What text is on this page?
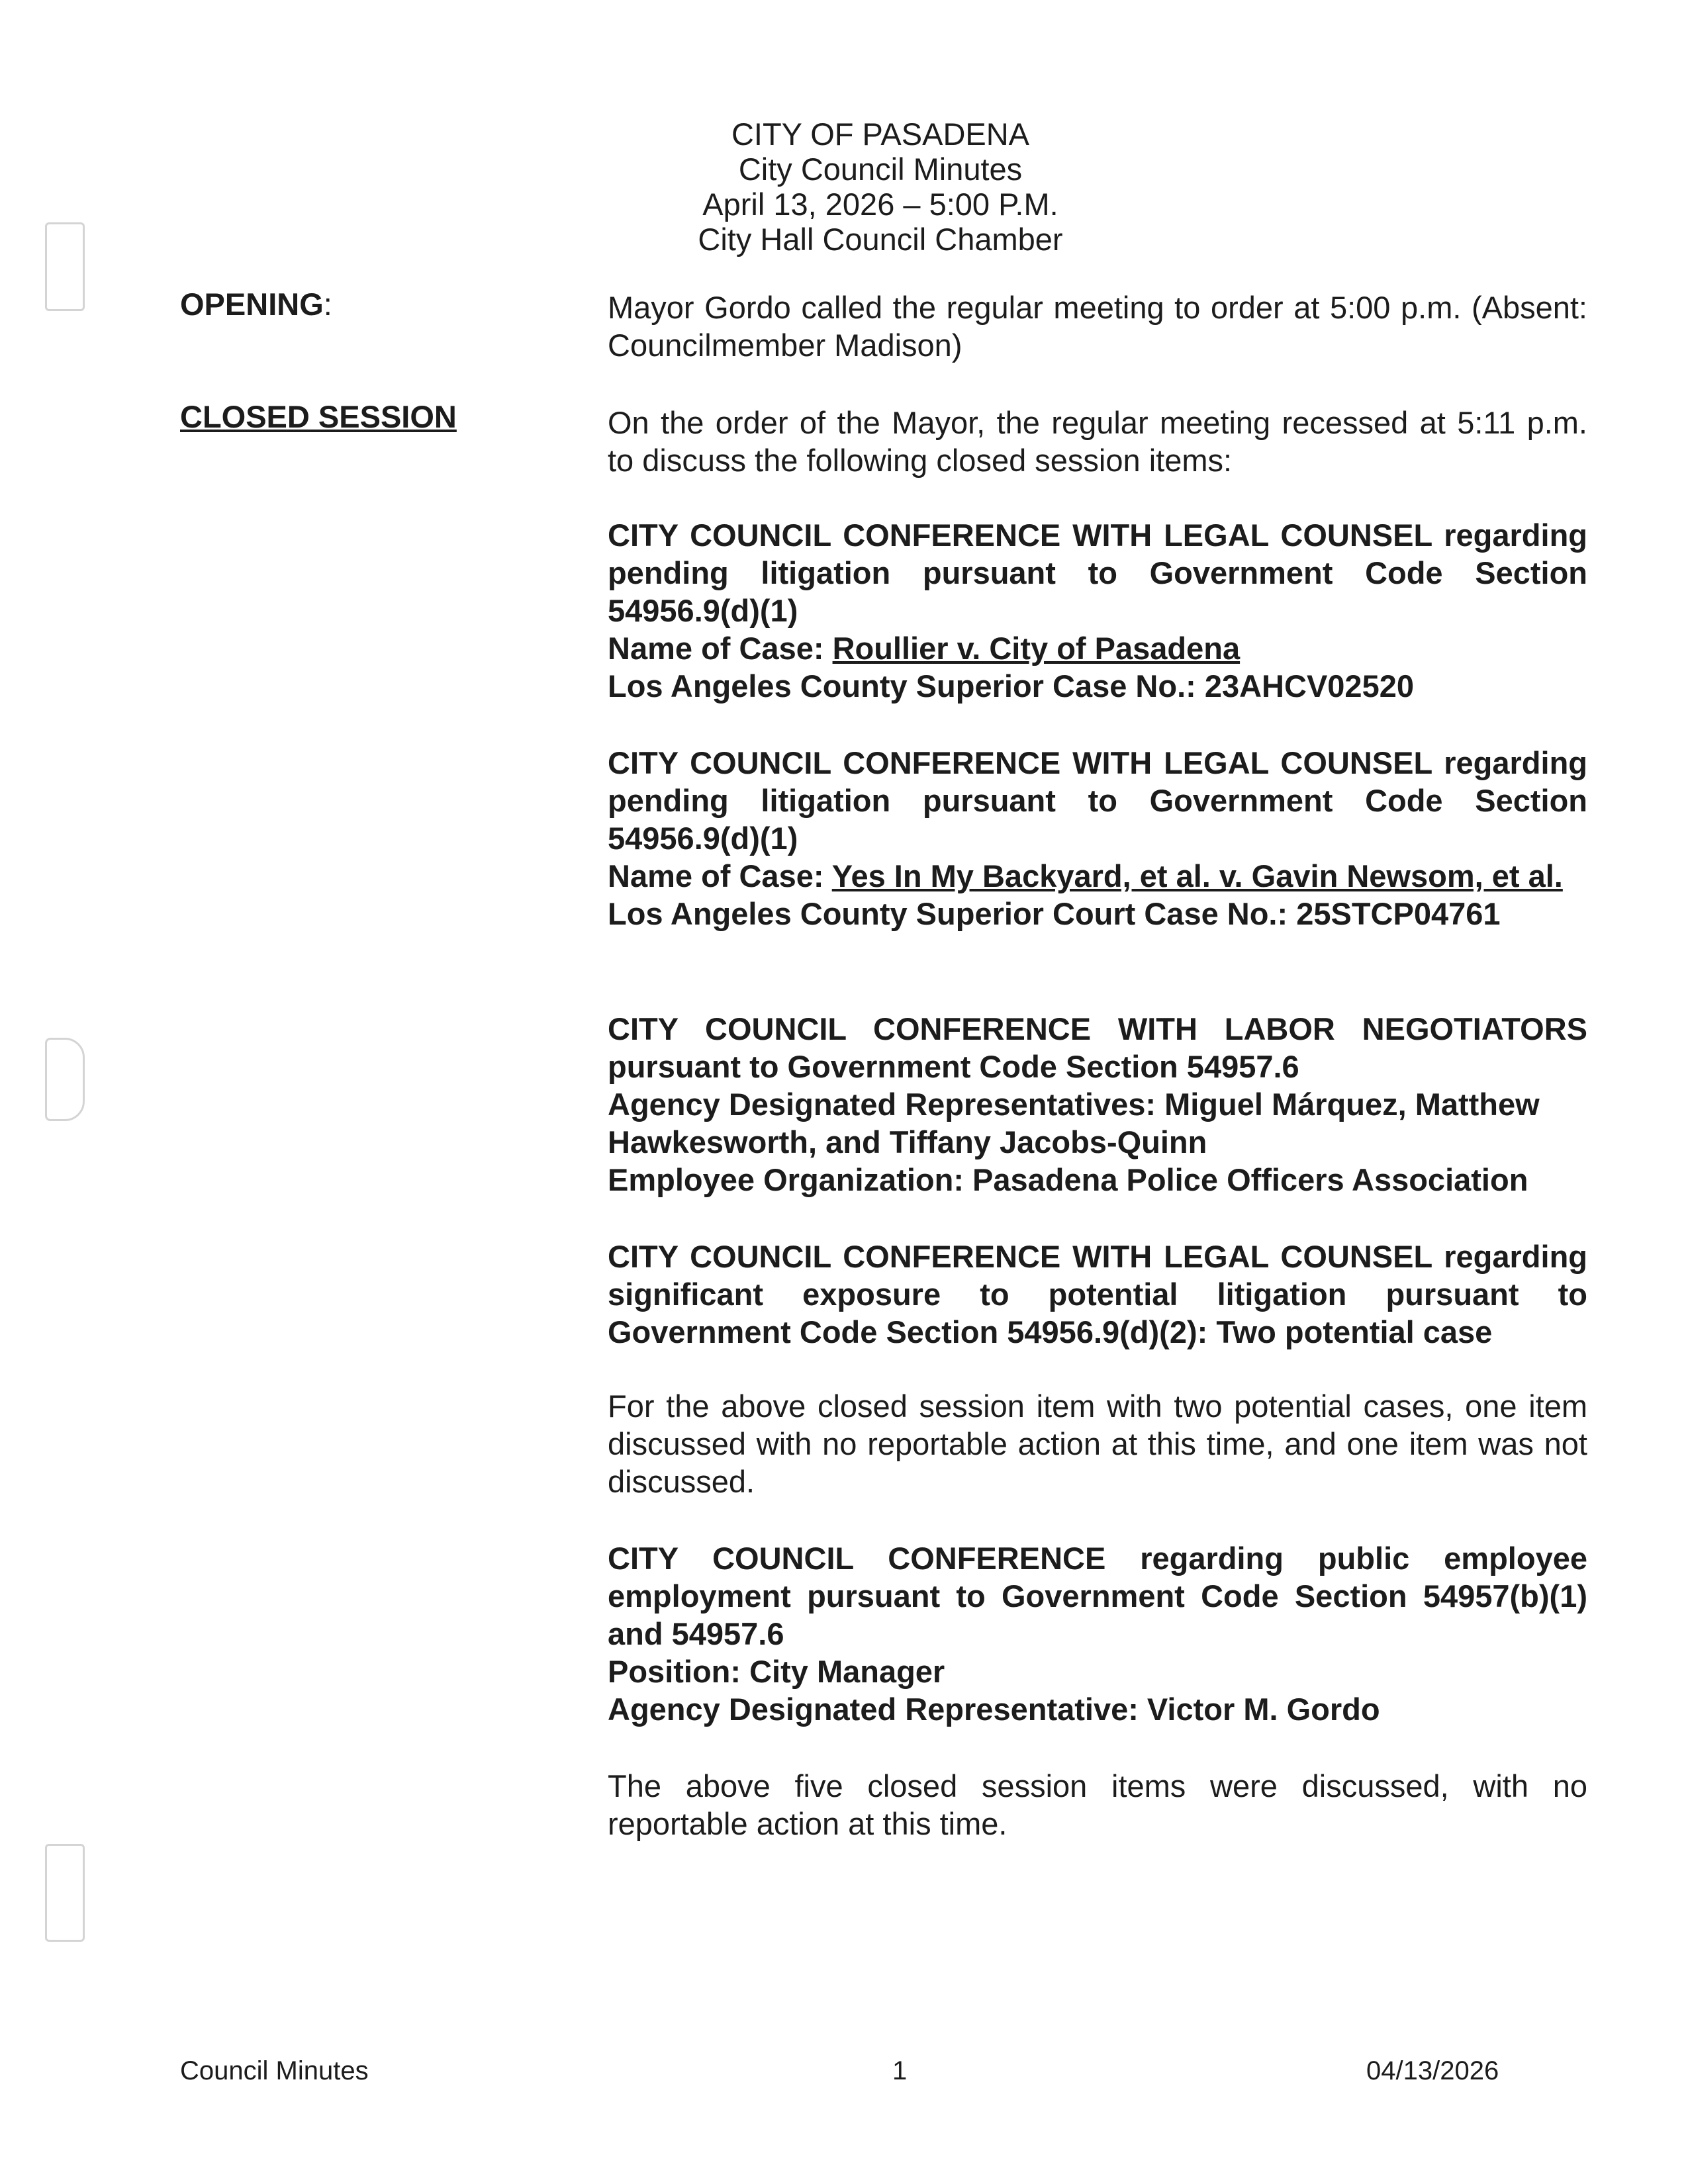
CITY OF PASADENA
City Council Minutes
April 13, 2026 – 5:00 P.M.
City Hall Council Chamber
OPENING:
CLOSED SESSION

Mayor Gordo called the regular meeting to order at 5:00 p.m. (Absent: Councilmember Madison)

On the order of the Mayor, the regular meeting recessed at 5:11 p.m. to discuss the following closed session items:

CITY COUNCIL CONFERENCE WITH LEGAL COUNSEL regarding pending litigation pursuant to Government Code Section 54956.9(d)(1)

Name of Case: Roullier v. City of Pasadena

Los Angeles County Superior Case No.: 23AHCV02520

CITY COUNCIL CONFERENCE WITH LEGAL COUNSEL regarding pending litigation pursuant to Government Code Section 54956.9(d)(1)

Name of Case: Yes In My Backyard, et al. v. Gavin Newsom, et al.

Los Angeles County Superior Court Case No.: 25STCP04761

CITY COUNCIL CONFERENCE WITH LABOR NEGOTIATORS pursuant to Government Code Section 54957.6

Agency Designated Representatives: Miguel Márquez, Matthew Hawkesworth, and Tiffany Jacobs-Quinn

Employee Organization: Pasadena Police Officers Association

CITY COUNCIL CONFERENCE WITH LEGAL COUNSEL regarding significant exposure to potential litigation pursuant to Government Code Section 54956.9(d)(2): Two potential case

For the above closed session item with two potential cases, one item discussed with no reportable action at this time, and one item was not discussed.

CITY COUNCIL CONFERENCE regarding public employee employment pursuant to Government Code Section 54957(b)(1) and 54957.6

Position: City Manager

Agency Designated Representative: Victor M. Gordo

The above five closed session items were discussed, with no reportable action at this time.

Council Minutes	1	04/13/2026
